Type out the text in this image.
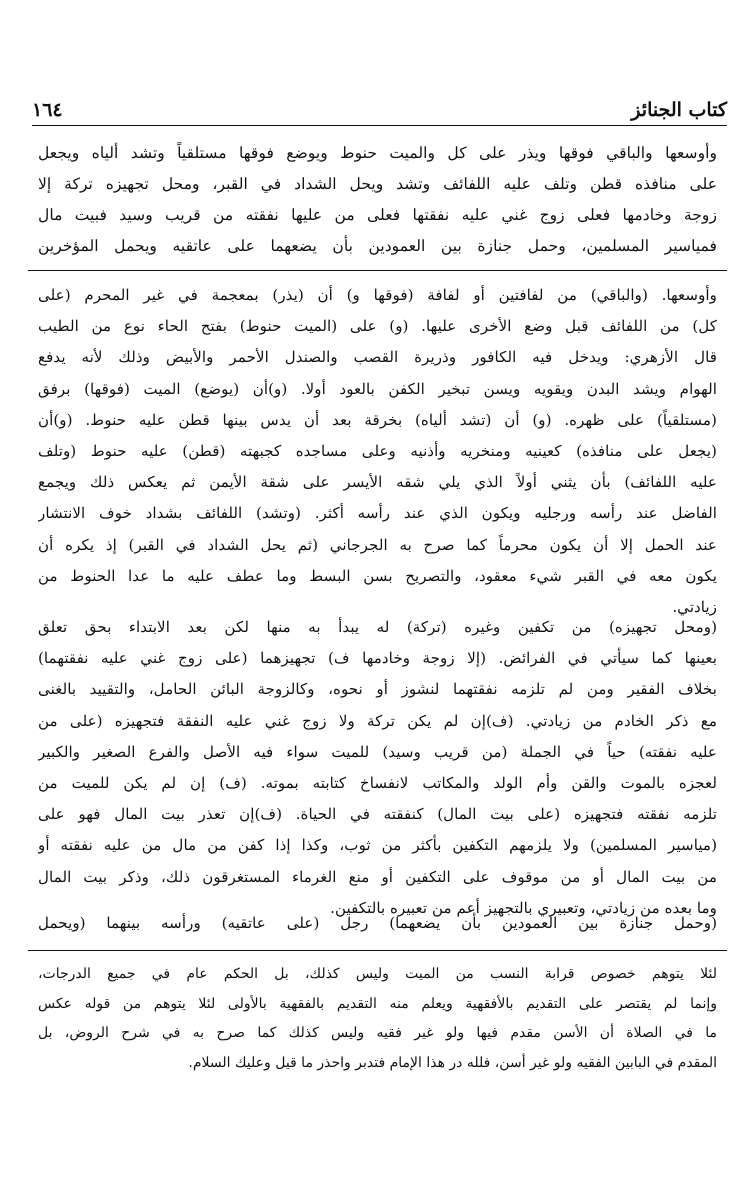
كتاب الجنائز
١٦٤
وأوسعها والباقي فوقها ويذر على كل والميت حنوط ويوضع فوقها مستلقياً وتشد ألياه ويجعل
على منافذه قطن وتلف عليه اللفائف وتشد ويحل الشداد في القبر، ومحل تجهيزه تركة إلا
زوجة وخادمها فعلى زوج غني عليه نفقتها فعلى من عليها نفقته من قريب وسيد فبيت مال
فمياسير المسلمين، وحمل جنازة بين العمودين بأن يضعهما على عاتقيه ويحمل المؤخرين
وأوسعها. (والباقي) من لفافتين أو لفافة (فوقها و) أن (يذر) بمعجمة في غير المحرم (على
كل) من اللفائف قبل وضع الأخرى عليها. (و) على (الميت حنوط) بفتح الحاء نوع من الطيب
قال الأزهري: ويدخل فيه الكافور وذريرة القصب والصندل الأحمر والأبيض وذلك لأنه يدفع
الهوام ويشد البدن ويقويه ويسن تبخير الكفن بالعود أولا. (و)أن (يوضع) الميت (فوقها) برفق
(مستلقياً) على ظهره. (و) أن (تشد ألياه) بخرقة بعد أن يدس بينها قطن عليه حنوط. (و)أن
(يجعل على منافذه) كعينيه ومنخريه وأذنيه وعلى مساجده كجبهته (قطن) عليه حنوط (وتلف
عليه اللفائف) بأن يثني أولاً الذي يلي شقه الأيسر على شقة الأيمن ثم يعكس ذلك ويجمع
الفاضل عند رأسه ورجليه ويكون الذي عند رأسه أكثر. (وتشد) اللفائف بشداد خوف الانتشار
عند الحمل إلا أن يكون محرماً كما صرح به الجرجاني (ثم يحل الشداد في القبر) إذ يكره أن
يكون معه في القبر شيء معقود، والتصريح بسن البسط وما عطف عليه ما عدا الحنوط من
زيادتي.
(ومحل تجهيزه) من تكفين وغيره (تركة) له يبدأ به منها لكن بعد الابتداء بحق تعلق
بعينها كما سيأتي في الفرائض. (إلا زوجة وخادمها ف) تجهيزهما (على زوج غني عليه نفقتهما)
بخلاف الفقير ومن لم تلزمه نفقتهما لنشوز أو نحوه، وكالزوجة البائن الحامل، والتقييد بالغنى
مع ذكر الخادم من زيادتي. (ف)إن لم يكن تركة ولا زوج غني عليه النفقة فتجهيزه (على من
عليه نفقته) حياً في الجملة (من قريب وسيد) للميت سواء فيه الأصل والفرع الصغير والكبير
لعجزه بالموت والقن وأم الولد والمكاتب لانفساخ كتابته بموته. (ف) إن لم يكن للميت من
تلزمه نفقته فتجهيزه (على بيت المال) كنفقته في الحياة. (ف)إن تعذر بيت المال فهو على
(مياسير المسلمين) ولا يلزمهم التكفين بأكثر من ثوب، وكذا إذا كفن من مال من عليه نفقته أو
من بيت المال أو من موقوف على التكفين أو منع الغرماء المستغرقون ذلك، وذكر بيت المال
وما بعده من زيادتي، وتعبيري بالتجهيز أعم من تعبيره بالتكفين.
(وحمل جنازة بين العمودين بأن يضعهما) رجل (على عاتقيه) ورأسه بينهما (ويحمل
لئلا يتوهم خصوص قرابة النسب من الميت وليس كذلك، بل الحكم عام في جميع الدرجات،
وإنما لم يقتصر على التقديم بالأفقهية ويعلم منه التقديم بالفقهية بالأولى لئلا يتوهم من قوله عكس
ما في الصلاة أن الأسن مقدم فيها ولو غير فقيه وليس كذلك كما صرح به في شرح الروض، بل
المقدم في البابين الفقيه ولو غير أسن، فلله در هذا الإمام فتدبر واحذر ما قيل وعليك السلام.
